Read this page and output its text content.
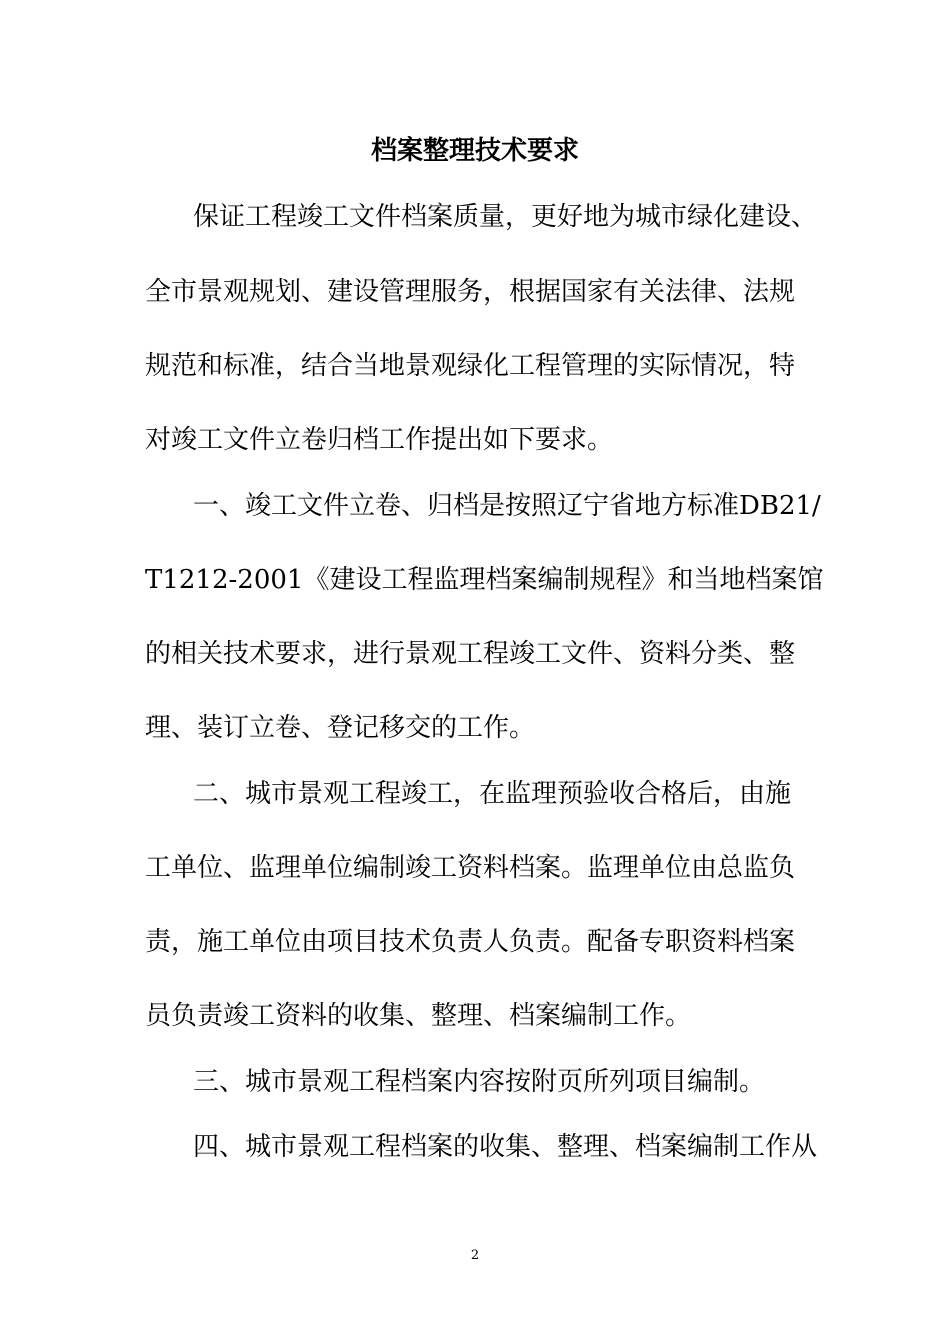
档案整理技术要求
保证工程竣工文件档案质量，更好地为城市绿化建设、
全市景观规划、建设管理服务，根据国家有关法律、法规
规范和标准，结合当地景观绿化工程管理的实际情况，特
对竣工文件立卷归档工作提出如下要求。
一、竣工文件立卷、归档是按照辽宁省地方标准DB21/
T1212-2001《建设工程监理档案编制规程》和当地档案馆
的相关技术要求，进行景观工程竣工文件、资料分类、整
理、装订立卷、登记移交的工作。
二、城市景观工程竣工，在监理预验收合格后，由施
工单位、监理单位编制竣工资料档案。监理单位由总监负
责，施工单位由项目技术负责人负责。配备专职资料档案
员负责竣工资料的收集、整理、档案编制工作。
三、城市景观工程档案内容按附页所列项目编制。
四、城市景观工程档案的收集、整理、档案编制工作从
2
